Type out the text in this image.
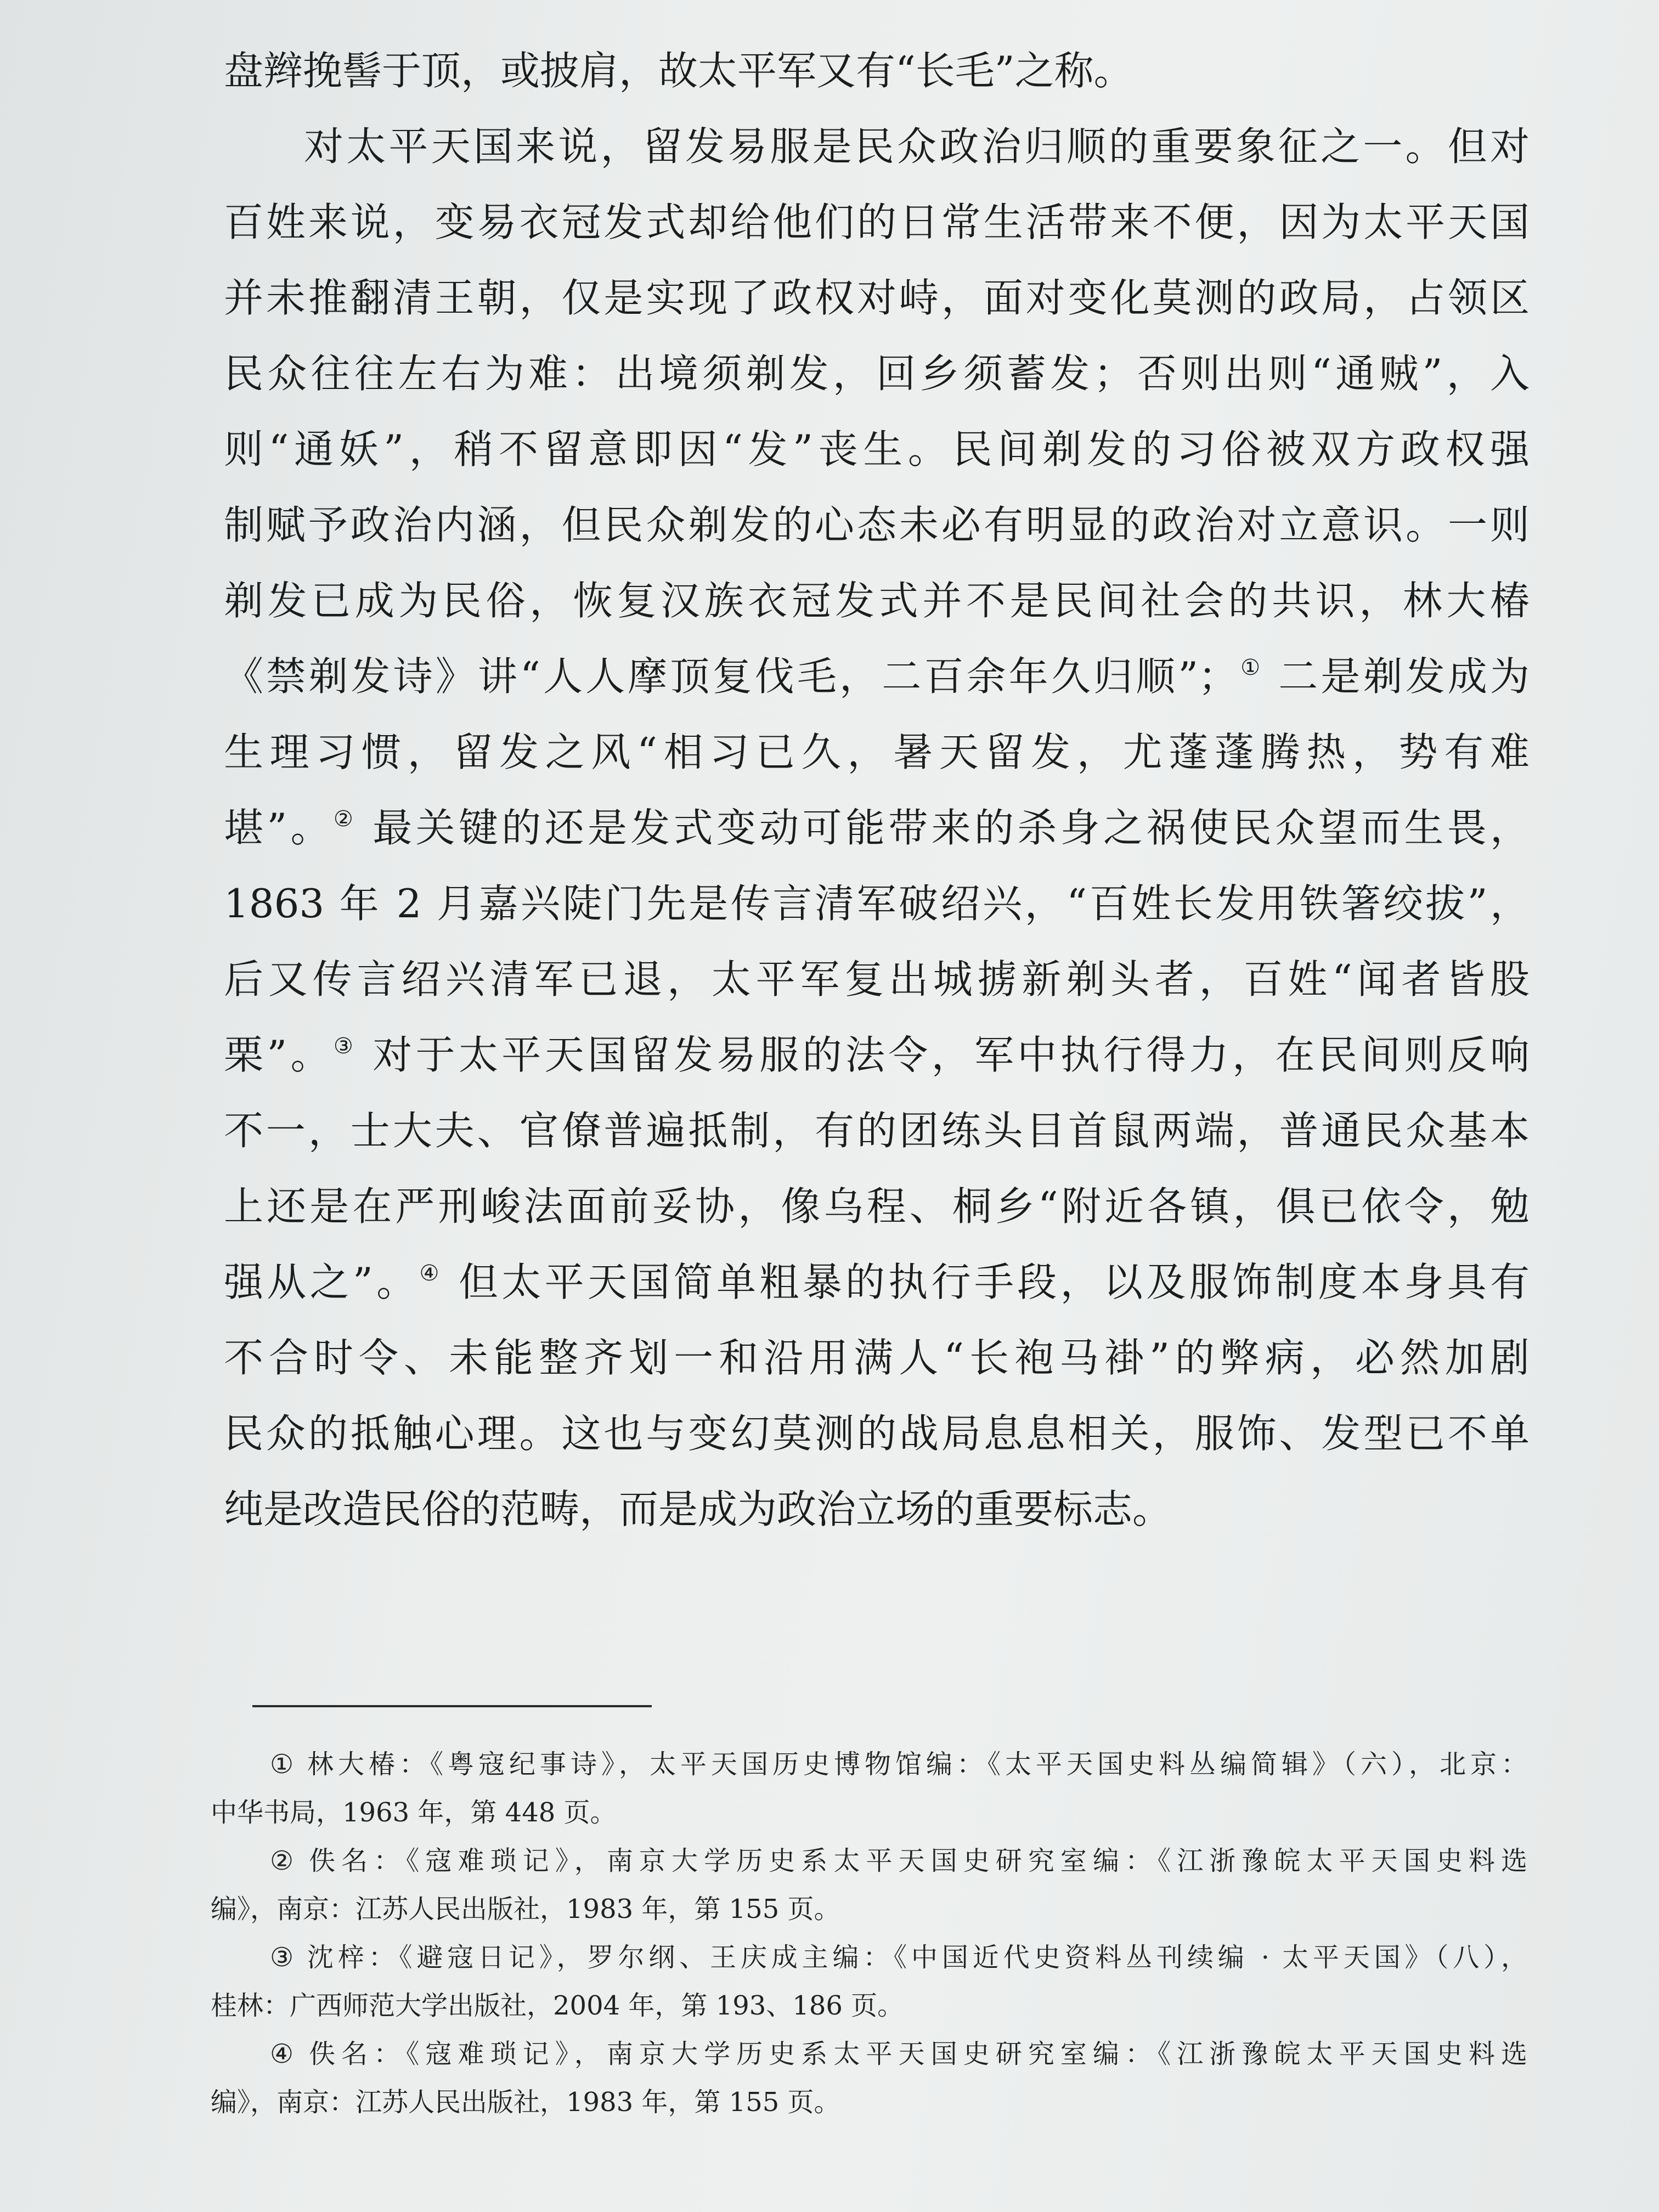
盘辫挽髻于顶，或披肩，故太平军又有“长毛”之称。
对太平天国来说，留发易服是民众政治归顺的重要象征之一。但对
百姓来说，变易衣冠发式却给他们的日常生活带来不便，因为太平天国
并未推翻清王朝，仅是实现了政权对峙，面对变化莫测的政局，占领区
民众往往左右为难：出境须剃发，回乡须蓄发；否则出则“通贼”，入
则“通妖”，稍不留意即因“发”丧生。民间剃发的习俗被双方政权强
制赋予政治内涵，但民众剃发的心态未必有明显的政治对立意识。一则
剃发已成为民俗，恢复汉族衣冠发式并不是民间社会的共识，林大椿
《禁剃发诗》讲“人人摩顶复伐毛，二百余年久归顺”；① 二是剃发成为
生理习惯，留发之风“相习已久，暑天留发，尤蓬蓬腾热，势有难
堪”。② 最关键的还是发式变动可能带来的杀身之祸使民众望而生畏，
1863 年 2 月嘉兴陡门先是传言清军破绍兴，“百姓长发用铁箸绞拔”，
后又传言绍兴清军已退，太平军复出城掳新剃头者，百姓“闻者皆股
栗”。③ 对于太平天国留发易服的法令，军中执行得力，在民间则反响
不一，士大夫、官僚普遍抵制，有的团练头目首鼠两端，普通民众基本
上还是在严刑峻法面前妥协，像乌程、桐乡“附近各镇，俱已依令，勉
强从之”。④ 但太平天国简单粗暴的执行手段，以及服饰制度本身具有
不合时令、未能整齐划一和沿用满人“长袍马褂”的弊病，必然加剧
民众的抵触心理。这也与变幻莫测的战局息息相关，服饰、发型已不单
纯是改造民俗的范畴，而是成为政治立场的重要标志。
① 林大椿：《粤寇纪事诗》，太平天国历史博物馆编：《太平天国史料丛编简辑》（六），北京：
中华书局，1963 年，第 448 页。
② 佚名：《寇难琐记》，南京大学历史系太平天国史研究室编：《江浙豫皖太平天国史料选
编》，南京：江苏人民出版社，1983 年，第 155 页。
③ 沈梓：《避寇日记》，罗尔纲、王庆成主编：《中国近代史资料丛刊续编 · 太平天国》（八），
桂林：广西师范大学出版社，2004 年，第 193、186 页。
④ 佚名：《寇难琐记》，南京大学历史系太平天国史研究室编：《江浙豫皖太平天国史料选
编》，南京：江苏人民出版社，1983 年，第 155 页。
